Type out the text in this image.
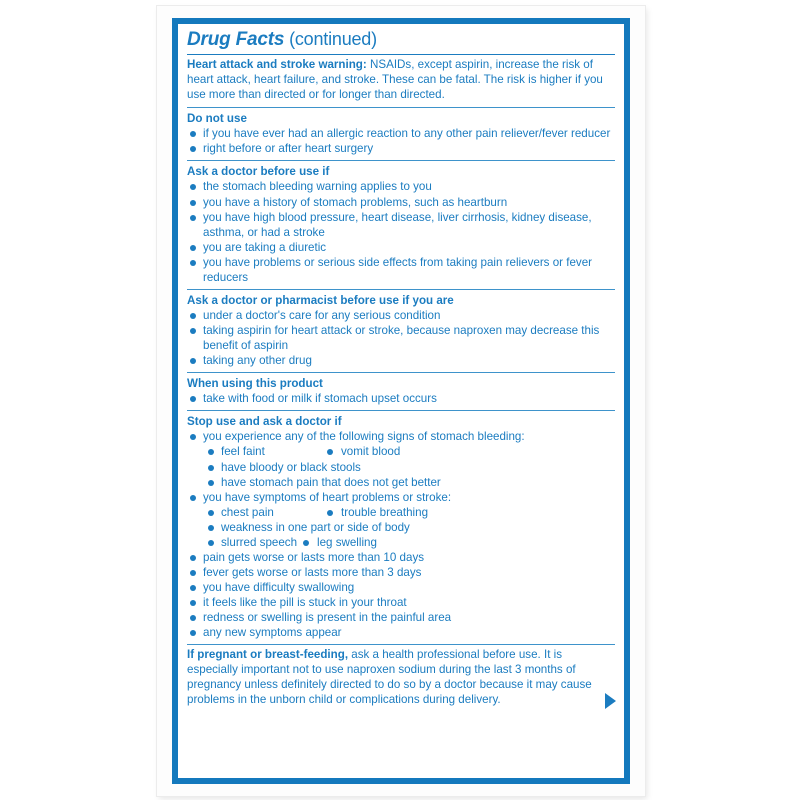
Drug Facts (continued)
Heart attack and stroke warning: NSAIDs, except aspirin, increase the risk of heart attack, heart failure, and stroke. These can be fatal. The risk is higher if you use more than directed or for longer than directed.
Do not use
if you have ever had an allergic reaction to any other pain reliever/fever reducer
right before or after heart surgery
Ask a doctor before use if
the stomach bleeding warning applies to you
you have a history of stomach problems, such as heartburn
you have high blood pressure, heart disease, liver cirrhosis, kidney disease, asthma, or had a stroke
you are taking a diuretic
you have problems or serious side effects from taking pain relievers or fever reducers
Ask a doctor or pharmacist before use if you are
under a doctor's care for any serious condition
taking aspirin for heart attack or stroke, because naproxen may decrease this benefit of aspirin
taking any other drug
When using this product
take with food or milk if stomach upset occurs
Stop use and ask a doctor if
you experience any of the following signs of stomach bleeding:
feel faint	vomit blood
have bloody or black stools
have stomach pain that does not get better
you have symptoms of heart problems or stroke:
chest pain	trouble breathing
weakness in one part or side of body
slurred speech leg swelling
pain gets worse or lasts more than 10 days
fever gets worse or lasts more than 3 days
you have difficulty swallowing
it feels like the pill is stuck in your throat
redness or swelling is present in the painful area
any new symptoms appear
If pregnant or breast-feeding, ask a health professional before use. It is especially important not to use naproxen sodium during the last 3 months of pregnancy unless definitely directed to do so by a doctor because it may cause problems in the unborn child or complications during delivery.
